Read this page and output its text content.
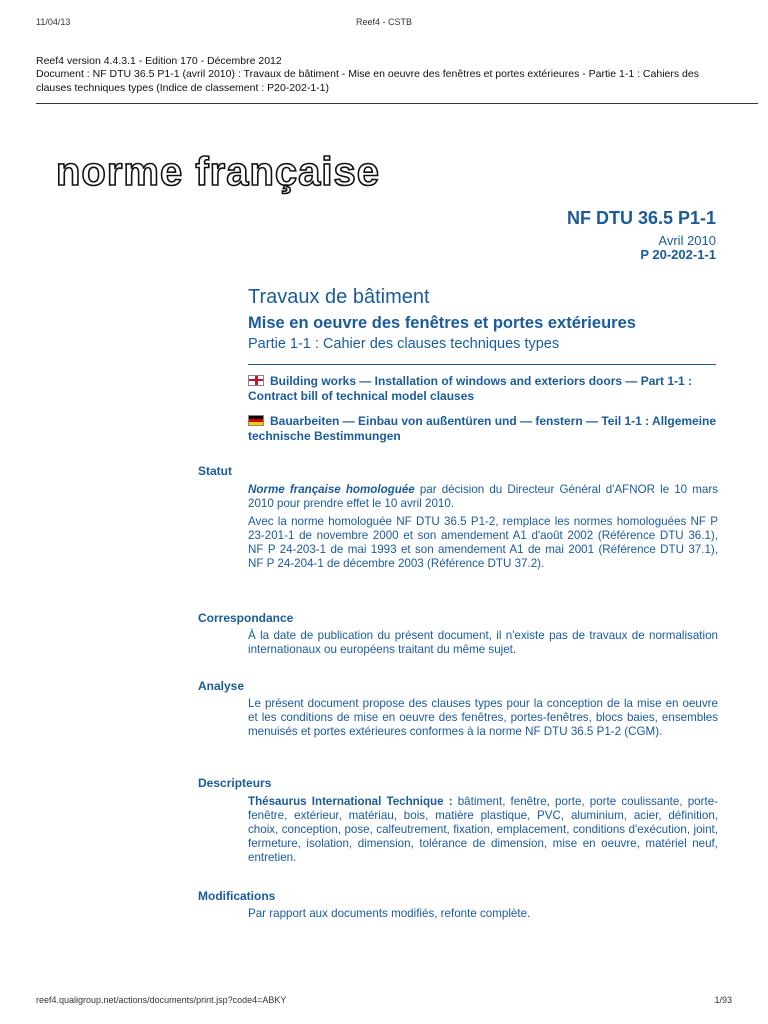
11/04/13	Reef4 - CSTB
Reef4 version 4.4.3.1 - Edition 170 - Décembre 2012
Document : NF DTU 36.5 P1-1 (avril 2010) : Travaux de bâtiment - Mise en oeuvre des fenêtres et portes extérieures - Partie 1-1 : Cahiers des clauses techniques types (Indice de classement : P20-202-1-1)
norme française
NF DTU 36.5 P1-1
Avril 2010
P 20-202-1-1
Travaux de bâtiment
Mise en oeuvre des fenêtres et portes extérieures
Partie 1-1 : Cahier des clauses techniques types
Building works — Installation of windows and exteriors doors — Part 1-1 : Contract bill of technical model clauses
Bauarbeiten — Einbau von außentüren und — fenstern — Teil 1-1 : Allgemeine technische Bestimmungen
Statut

Norme française homologuée par décision du Directeur Général d'AFNOR le 10 mars 2010 pour prendre effet le 10 avril 2010.

Avec la norme homologuée NF DTU 36.5 P1-2, remplace les normes homologuées NF P 23-201-1 de novembre 2000 et son amendement A1 d'août 2002 (Référence DTU 36.1), NF P 24-203-1 de mai 1993 et son amendement A1 de mai 2001 (Référence DTU 37.1), NF P 24-204-1 de décembre 2003 (Référence DTU 37.2).

Correspondance
À la date de publication du présent document, il n'existe pas de travaux de normalisation internationaux ou européens traitant du même sujet.
Analyse
Le présent document propose des clauses types pour la conception de la mise en oeuvre et les conditions de mise en oeuvre des fenêtres, portes-fenêtres, blocs baies, ensembles menuisés et portes extérieures conformes à la norme NF DTU 36.5 P1-2 (CGM).
Descripteurs
Thésaurus International Technique : bâtiment, fenêtre, porte, porte coulissante, porte-fenêtre, extérieur, matériau, bois, matière plastique, PVC, aluminium, acier, définition, choix, conception, pose, calfeutrement, fixation, emplacement, conditions d'exécution, joint, fermeture, isolation, dimension, tolérance de dimension, mise en oeuvre, matériel neuf, entretien.
Modifications
Par rapport aux documents modifiés, refonte complète.
reef4.qualigroup.net/actions/documents/print.jsp?code4=ABKY	1/93
